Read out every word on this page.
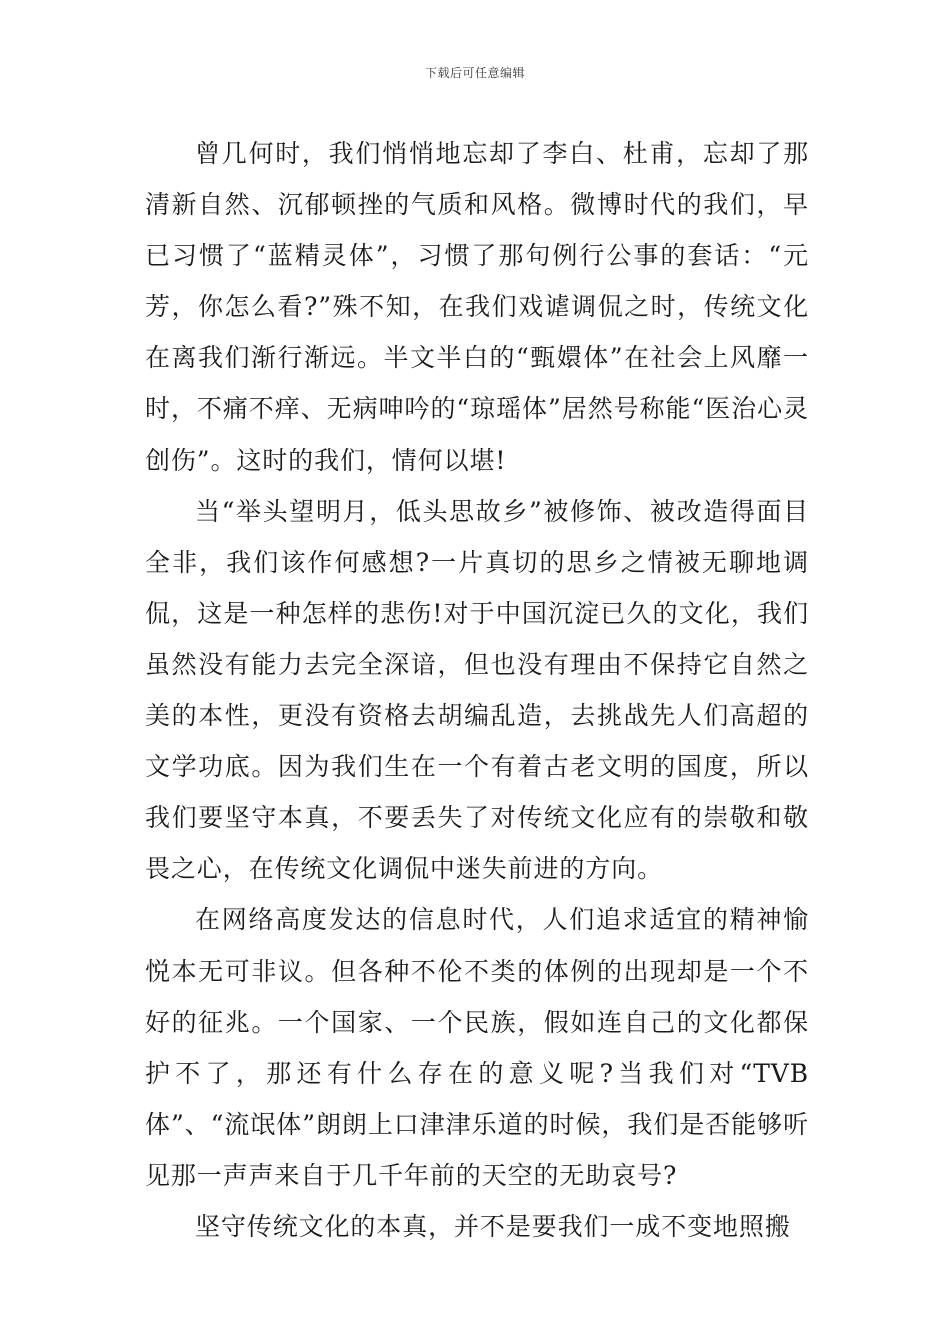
下载后可任意编辑

曾几何时，我们悄悄地忘却了李白、杜甫，忘却了那清新自然、沉郁顿挫的气质和风格。微博时代的我们，早已习惯了“蓝精灵体”，习惯了那句例行公事的套话：“元芳，你怎么看?”殊不知，在我们戏谑调侃之时，传统文化在离我们渐行渐远。半文半白的“甄嬛体”在社会上风靡一时，不痛不痒、无病呻吟的“琼瑶体”居然号称能“医治心灵创伤”。这时的我们，情何以堪!

当“举头望明月，低头思故乡”被修饰、被改造得面目全非，我们该作何感想?一片真切的思乡之情被无聊地调侃，这是一种怎样的悲伤!对于中国沉淀已久的文化，我们虽然没有能力去完全深谙，但也没有理由不保持它自然之美的本性，更没有资格去胡编乱造，去挑战先人们高超的文学功底。因为我们生在一个有着古老文明的国度，所以我们要坚守本真，不要丢失了对传统文化应有的崇敬和敬畏之心，在传统文化调侃中迷失前进的方向。

在网络高度发达的信息时代，人们追求适宜的精神愉悦本无可非议。但各种不伦不类的体例的出现却是一个不好的征兆。一个国家、一个民族，假如连自己的文化都保护不了，那还有什么存在的意义呢?当我们对“TVB体”、“流氓体”朗朗上口津津乐道的时候，我们是否能够听见那一声声来自于几千年前的天空的无助哀号?

坚守传统文化的本真，并不是要我们一成不变地照搬
